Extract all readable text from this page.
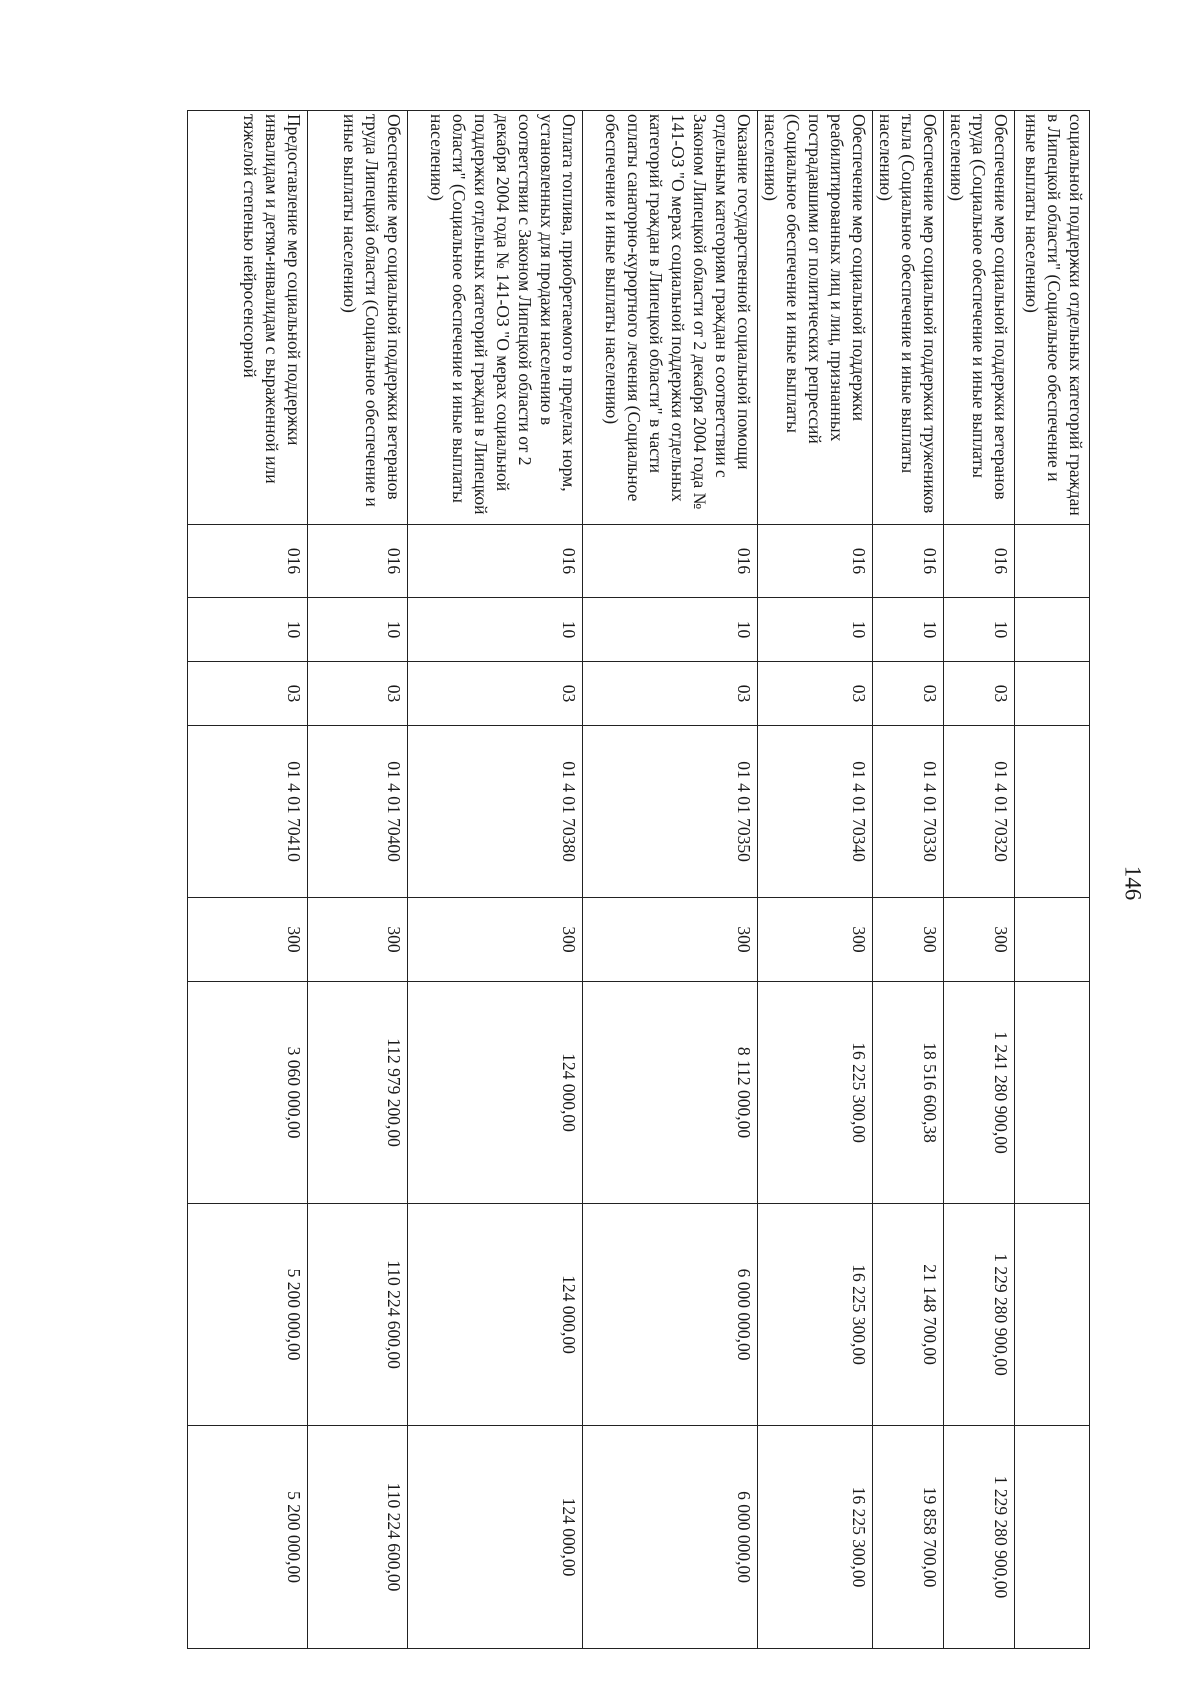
146
социальной поддержки отдельных категорий граждан в Липецкой области" (Социальное обеспечение и иные выплаты населению)								
Обеспечение мер социальной поддержки ветеранов труда (Социальное обеспечение и иные выплаты населению)	016	10	03	01 4 01 70320	300	1 241 280 900,00	1 229 280 900,00	1 229 280 900,00
Обеспечение мер социальной поддержки тружеников тыла (Социальное обеспечение и иные выплаты населению)	016	10	03	01 4 01 70330	300	18 516 600,38	21 148 700,00	19 858 700,00
Обеспечение мер социальной поддержки реабилитированных лиц и лиц, признанных пострадавшими от политических репрессий (Социальное обеспечение и иные выплаты населению)	016	10	03	01 4 01 70340	300	16 225 300,00	16 225 300,00	16 225 300,00
Оказание государственной социальной помощи отдельным категориям граждан в соответствии с Законом Липецкой области от 2 декабря 2004 года № 141-ОЗ "О мерах социальной поддержки отдельных категорий граждан в Липецкой области" в части оплаты санаторно-курортного лечения (Социальное обеспечение и иные выплаты населению)	016	10	03	01 4 01 70350	300	8 112 000,00	6 000 000,00	6 000 000,00
Оплата топлива, приобретаемого в пределах норм, установленных для продажи населению в соответствии с Законом Липецкой области от 2 декабря 2004 года № 141-ОЗ "О мерах социальной поддержки отдельных категорий граждан в Липецкой области" (Социальное обеспечение и иные выплаты населению)	016	10	03	01 4 01 70380	300	124 000,00	124 000,00	124 000,00
Обеспечение мер социальной поддержки ветеранов труда Липецкой области (Социальное обеспечение и иные выплаты населению)	016	10	03	01 4 01 70400	300	112 979 200,00	110 224 600,00	110 224 600,00
Предоставление мер социальной поддержки инвалидам и детям-инвалидам с выраженной или тяжелой степенью нейросенсорной	016	10	03	01 4 01 70410	300	3 060 000,00	5 200 000,00	5 200 000,00
